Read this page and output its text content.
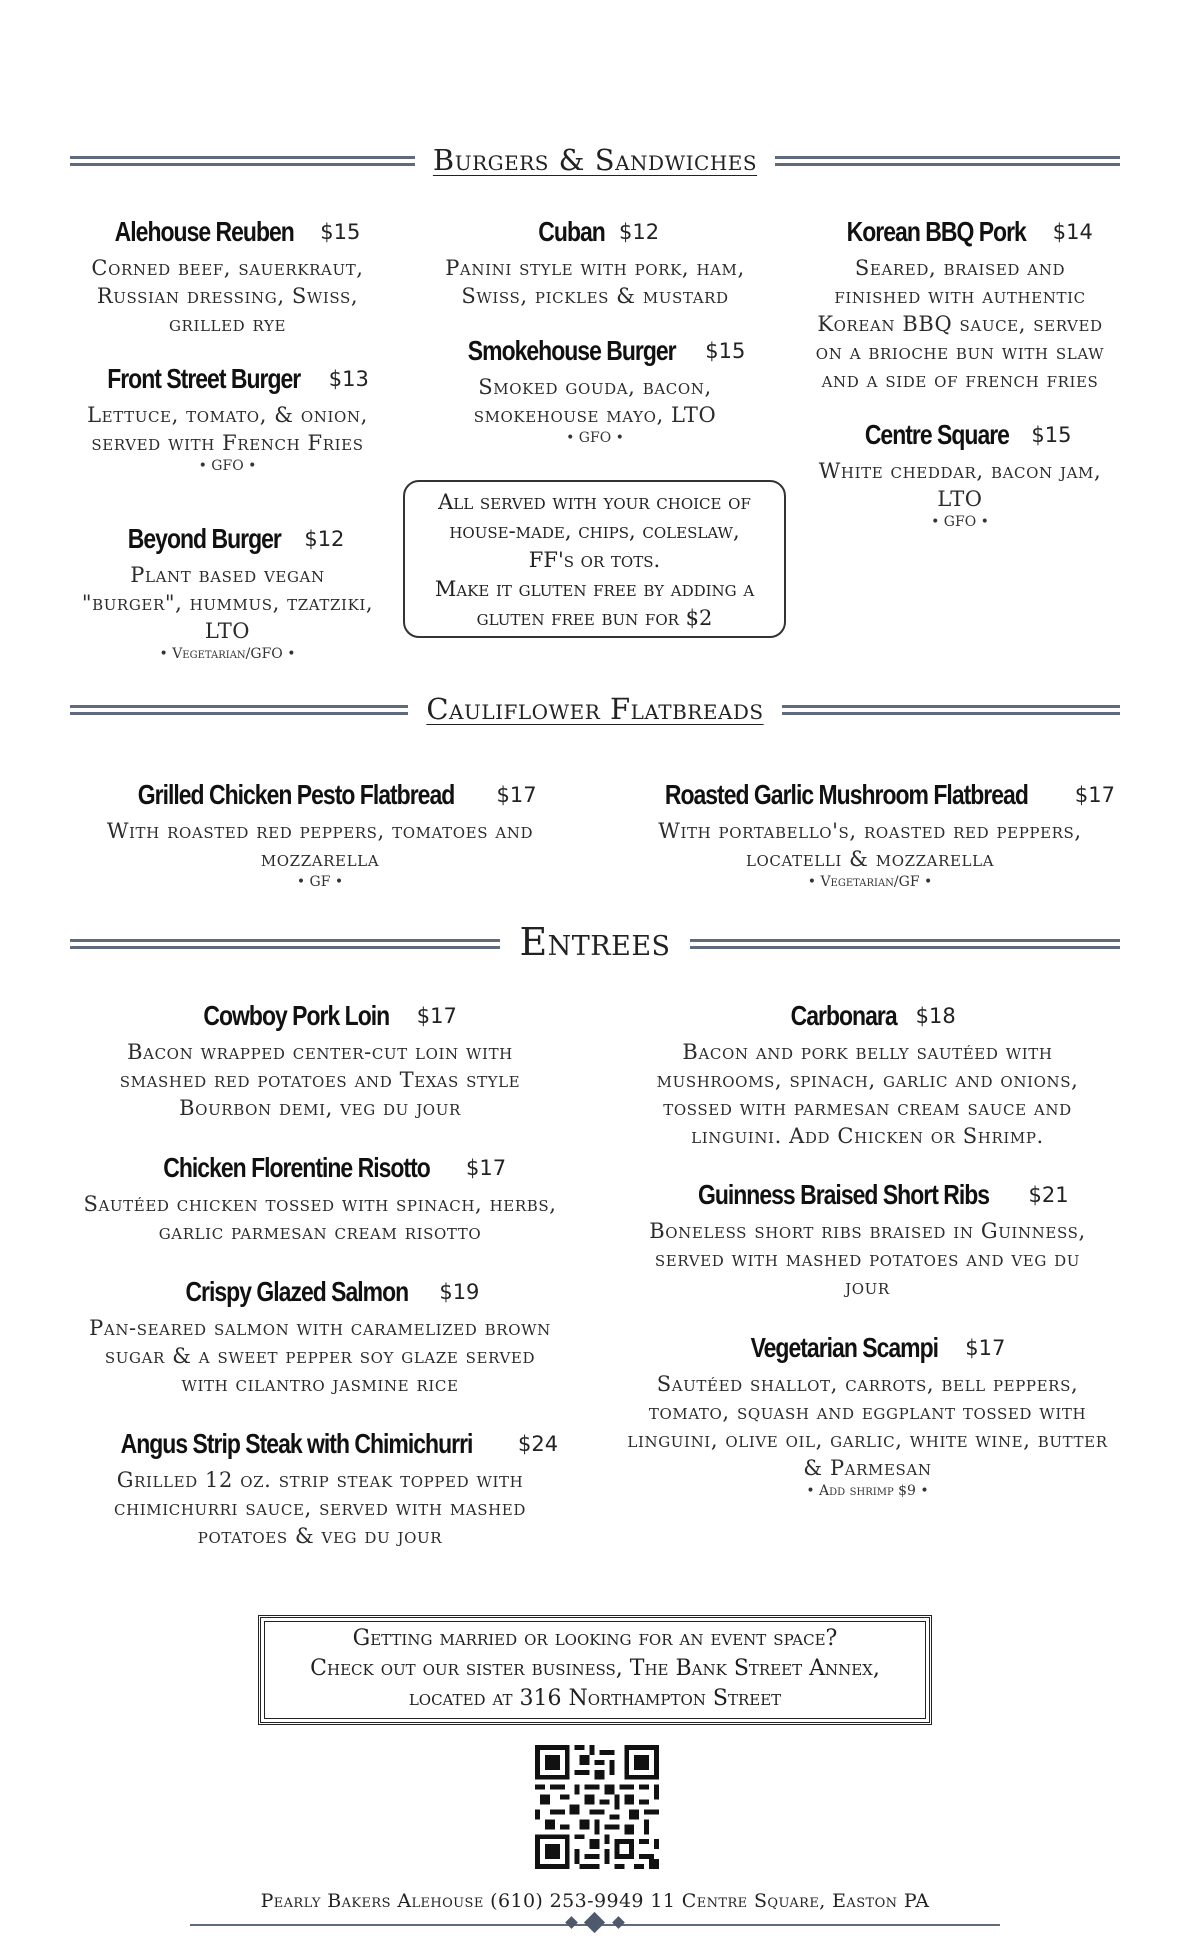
Burgers & Sandwiches
Alehouse Reuben $15
Corned beef, sauerkraut,
Russian dressing, Swiss,
grilled rye
Front Street Burger $13
Lettuce, tomato, & onion,
served with French Fries
• GFO •
Beyond Burger $12
Plant based vegan
"burger", hummus, tzatziki,
LTO
• Vegetarian/GFO •
Cuban $12
Panini style with pork, ham,
Swiss, pickles & mustard
Smokehouse Burger $15
Smoked gouda, bacon,
smokehouse mayo, LTO
• GFO •
All served with your choice of
house-made, chips, coleslaw,
FF's or tots.
Make it gluten free by adding a
gluten free bun for $2
Korean BBQ Pork $14
Seared, braised and
finished with authentic
Korean BBQ sauce, served
on a brioche bun with slaw
and a side of french fries
Centre Square $15
White cheddar, bacon jam,
LTO
• GFO •
Cauliflower Flatbreads
Grilled Chicken Pesto Flatbread $17
With roasted red peppers, tomatoes and
mozzarella
• GF •
Roasted Garlic Mushroom Flatbread $17
With portabello's, roasted red peppers,
locatelli & mozzarella
• Vegetarian/GF •
Entrees
Cowboy Pork Loin $17
Bacon wrapped center-cut loin with
smashed red potatoes and Texas style
Bourbon demi, veg du jour
Chicken Florentine Risotto $17
Sautéed chicken tossed with spinach, herbs,
garlic parmesan cream risotto
Crispy Glazed Salmon $19
Pan-seared salmon with caramelized brown
sugar & a sweet pepper soy glaze served
with cilantro jasmine rice
Angus Strip Steak with Chimichurri $24
Grilled 12 oz. strip steak topped with
chimichurri sauce, served with mashed
potatoes & veg du jour
Carbonara $18
Bacon and pork belly sautéed with
mushrooms, spinach, garlic and onions,
tossed with parmesan cream sauce and
linguini. Add Chicken or Shrimp.
Guinness Braised Short Ribs $21
Boneless short ribs braised in Guinness,
served with mashed potatoes and veg du
jour
Vegetarian Scampi $17
Sautéed shallot, carrots, bell peppers,
tomato, squash and eggplant tossed with
linguini, olive oil, garlic, white wine, butter
& Parmesan
• Add shrimp $9 •
Getting married or looking for an event space?
Check out our sister business, The Bank Street Annex,
located at 316 Northampton Street
Pearly Bakers Alehouse (610) 253-9949 11 Centre Square, Easton PA
